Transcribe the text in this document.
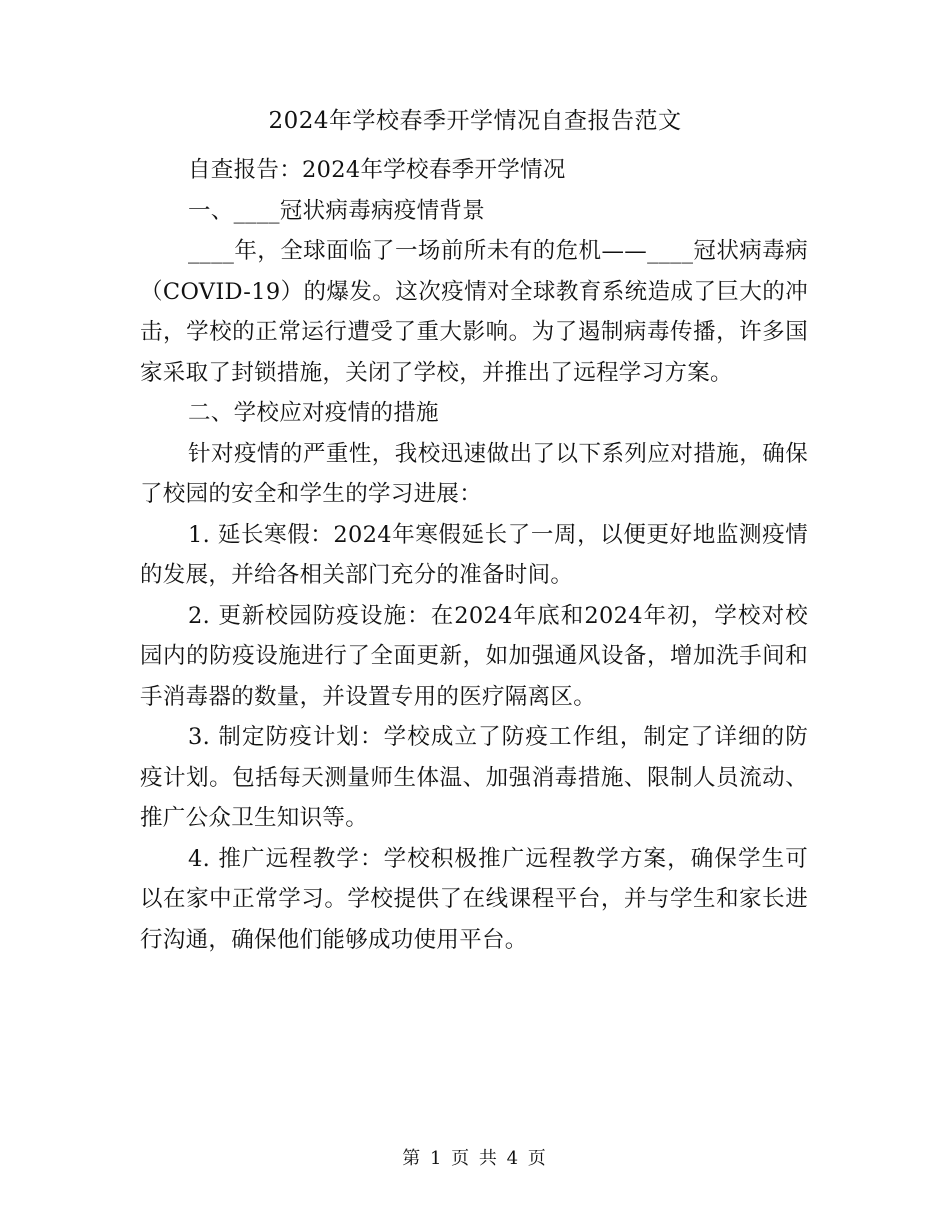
2024年学校春季开学情况自查报告范文

自查报告：2024年学校春季开学情况

一、____冠状病毒病疫情背景

____年，全球面临了一场前所未有的危机——____冠状病毒病（COVID-19）的爆发。这次疫情对全球教育系统造成了巨大的冲击，学校的正常运行遭受了重大影响。为了遏制病毒传播，许多国家采取了封锁措施，关闭了学校，并推出了远程学习方案。

二、学校应对疫情的措施

针对疫情的严重性，我校迅速做出了以下系列应对措施，确保了校园的安全和学生的学习进展：

1. 延长寒假：2024年寒假延长了一周，以便更好地监测疫情的发展，并给各相关部门充分的准备时间。

2. 更新校园防疫设施：在2024年底和2024年初，学校对校园内的防疫设施进行了全面更新，如加强通风设备，增加洗手间和手消毒器的数量，并设置专用的医疗隔离区。

3. 制定防疫计划：学校成立了防疫工作组，制定了详细的防疫计划。包括每天测量师生体温、加强消毒措施、限制人员流动、推广公众卫生知识等。

4. 推广远程教学：学校积极推广远程教学方案，确保学生可以在家中正常学习。学校提供了在线课程平台，并与学生和家长进行沟通，确保他们能够成功使用平台。

第 1 页 共 4 页
